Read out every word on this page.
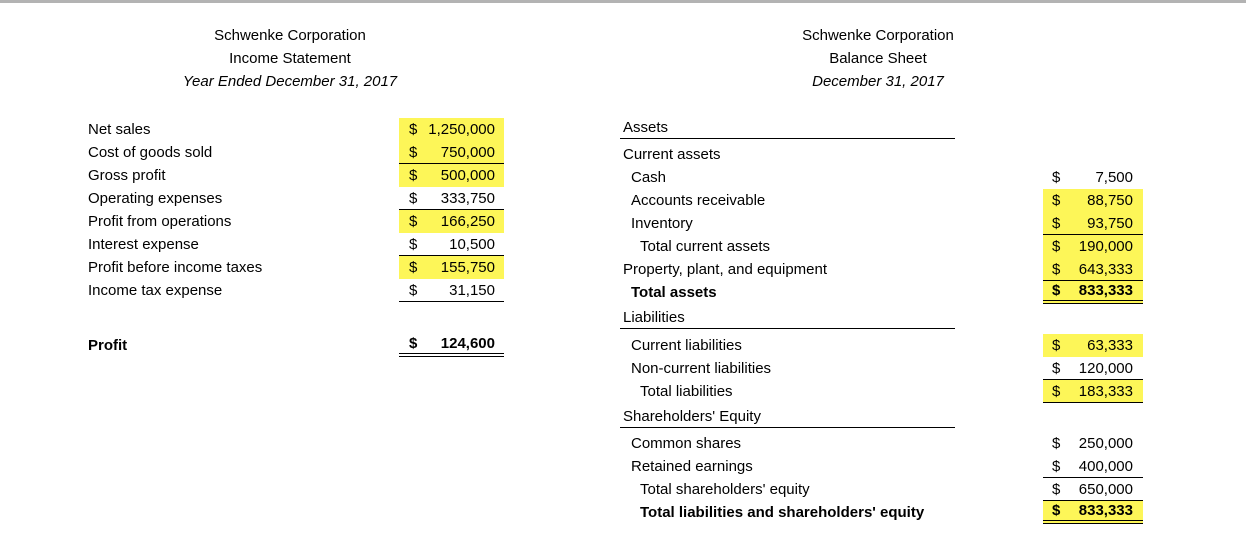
Schwenke Corporation
Income Statement
Year Ended December 31, 2017
Schwenke Corporation
Balance Sheet
December 31, 2017
Net sales	$ 1,250,000
Cost of goods sold	$ 750,000
Gross profit	$ 500,000
Operating expenses	$ 333,750
Profit from operations	$ 166,250
Interest expense	$ 10,500
Profit before income taxes	$ 155,750
Income tax expense	$ 31,150
Profit	$ 124,600
Assets
Current assets
Cash	$ 7,500
Accounts receivable	$ 88,750
Inventory	$ 93,750
Total current assets	$ 190,000
Property, plant, and equipment	$ 643,333
Total assets	$ 833,333
Liabilities
Current liabilities	$ 63,333
Non-current liabilities	$ 120,000
Total liabilities	$ 183,333
Shareholders' Equity
Common shares	$ 250,000
Retained earnings	$ 400,000
Total shareholders' equity	$ 650,000
Total liabilities and shareholders' equity	$ 833,333
